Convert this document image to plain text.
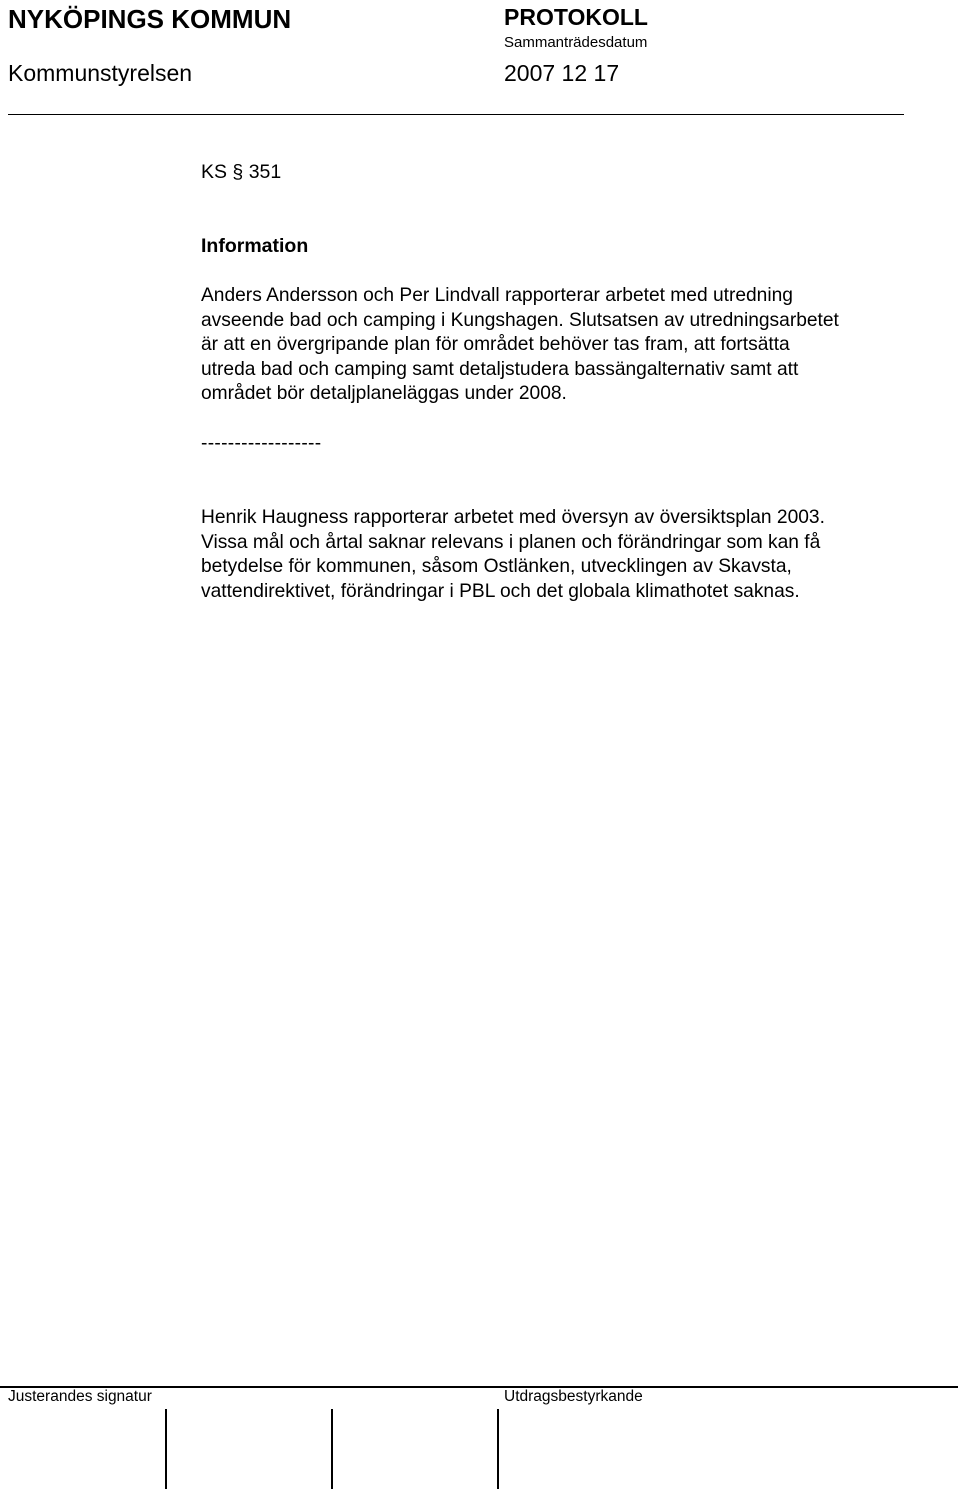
NYKÖPINGS KOMMUN	PROTOKOLL
Sammanträdesdatum
Kommunstyrelsen	2007 12 17
KS § 351
Information
Anders Andersson och Per Lindvall rapporterar arbetet med utredning
avseende bad och camping i Kungshagen. Slutsatsen av utredningsarbetet
är att en övergripande plan för området behöver tas fram, att fortsätta
utreda bad och camping samt detaljstudera bassängalternativ samt att
området bör detaljplaneläggas under 2008.
------------------
Henrik Haugness rapporterar arbetet med översyn av översiktsplan 2003.
Vissa mål och årtal saknar relevans i planen och förändringar som kan få
betydelse för kommunen, såsom Ostlänken, utvecklingen av Skavsta,
vattendirektivet, förändringar i PBL och det globala klimathotet saknas.
Justerandes signatur	Utdragsbestyrkande
